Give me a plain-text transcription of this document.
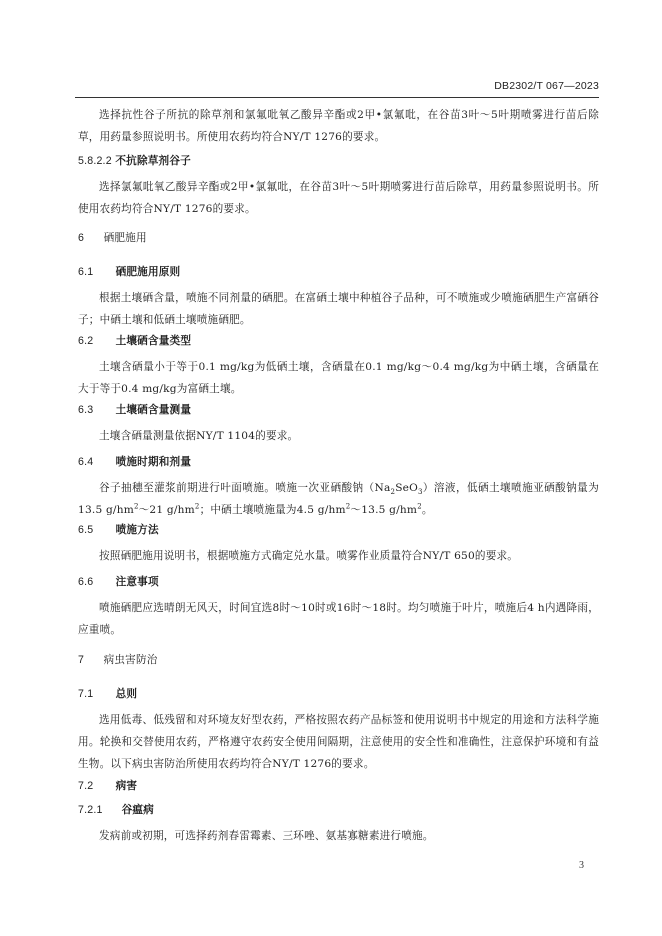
DB2302/T 067—2023
选择抗性谷子所抗的除草剂和氯氟吡氧乙酸异辛酯或2甲•氯氟吡，在谷苗3叶～5叶期喷雾进行苗后除草，用药量参照说明书。所使用农药均符合NY/T 1276的要求。
5.8.2.2 不抗除草剂谷子
选择氯氟吡氧乙酸异辛酯或2甲•氯氟吡，在谷苗3叶～5叶期喷雾进行苗后除草，用药量参照说明书。所使用农药均符合NY/T 1276的要求。
6 硒肥施用
6.1 硒肥施用原则
根据土壤硒含量，喷施不同剂量的硒肥。在富硒土壤中种植谷子品种，可不喷施或少喷施硒肥生产富硒谷子；中硒土壤和低硒土壤喷施硒肥。
6.2 土壤硒含量类型
土壤含硒量小于等于0.1 mg/kg为低硒土壤，含硒量在0.1 mg/kg～0.4 mg/kg为中硒土壤，含硒量在大于等于0.4 mg/kg为富硒土壤。
6.3 土壤硒含量测量
土壤含硒量测量依据NY/T 1104的要求。
6.4 喷施时期和剂量
谷子抽穗至灌浆前期进行叶面喷施。喷施一次亚硒酸钠$(Na_2SeO_3)$溶液，低硒土壤喷施亚硒酸钠量为13.5 $g/hm^2\sim 21$ $g/hm^2$；中硒土壤喷施量为4.5 $g/hm^2\sim 13.5$ $g/hm^2$。
6.5 喷施方法
按照硒肥施用说明书，根据喷施方式确定兑水量。喷雾作业质量符合NY/T 650的要求。
6.6 注意事项
喷施硒肥应选晴朗无风天，时间宜选8时～10时或16时～18时。均匀喷施于叶片，喷施后4 h内遇降雨，应重喷。
7 病虫害防治
7.1 总则
选用低毒、低残留和对环境友好型农药，严格按照农药产品标签和使用说明书中规定的用途和方法科学施用。轮换和交替使用农药，严格遵守农药安全使用间隔期，注意使用的安全性和准确性，注意保护环境和有益生物。以下病虫害防治所使用农药均符合NY/T 1276的要求。
7.2 病害
7.2.1 谷瘟病
发病前或初期，可选择药剂春雷霉素、三环唑、氨基寡糖素进行喷施。
3
